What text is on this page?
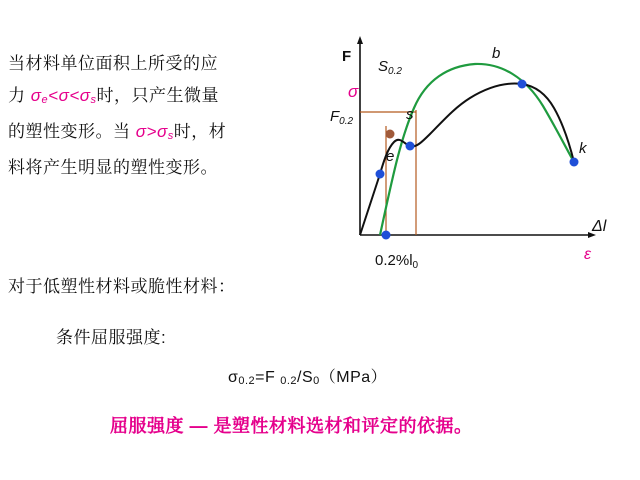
当材料单位面积上所受的应
力 σe<σ<σs时，只产生微量
的塑性变形。当 σ>σs时，材
料将产生明显的塑性变形。
对于低塑性材料或脆性材料：
条件屈服强度:
σ0.2=F 0.2/S0（MPa）
屈服强度 — 是塑性材料选材和评定的依据。
F
σ
$F_{0.2}$
$S_{0.2}$
s
e
b
k
Δl
ε
$0.2\%l_0$
